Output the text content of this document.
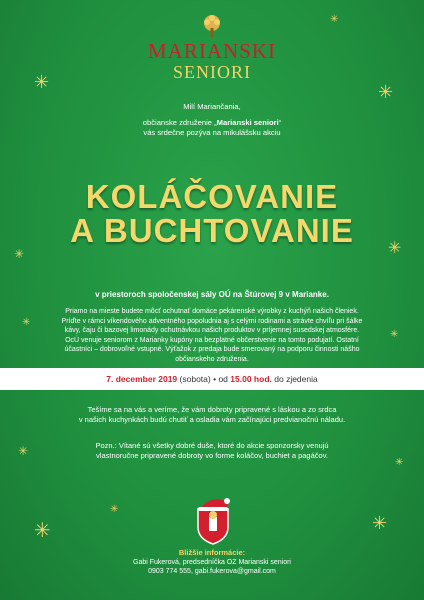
✳
✳
✳
✳	✳
✳
✳
✳
✳
✳	✳
✳
MARIANSKI
SENIORI

Milí Mariančania,

občianske združenie „Marianski seniori“

vás srdečne pozýva na mikulášsku akciu

KOLÁČOVANIE
A BUCHTOVANIE
v priestoroch spoločenskej sály OÚ na Štúrovej 9 v Marianke.
Priamo na mieste budete môcť ochutnať domáce pekárenské výrobky z kuchýň našich členiek. Príďte v rámci víkendového adventného popoludnia aj s celými rodinami a strávte chvíľu pri šálke kávy, čaju či bazovej limonády ochutnávkou našich produktov v príjemnej susedskej atmosfére. OcÚ venuje seniorom z Marianky kupóny na bezplatné občerstvenie na tomto podujatí. Ostatní účastníci – dobrovoľné vstupné. Výťažok z predaja bude smerovaný na podporu činnosti nášho občianskeho združenia.
7. december 2019 (sobota) • od 15.00 hod. do zjedenia
Tešíme sa na vás a veríme, že vám dobroty pripravené s láskou a zo srdca
v našich kuchynkách budú chutiť a osladia vám začínajúci predvianočnú náladu.
Pozn.: Vítané sú všetky dobré duše, ktoré do akcie sponzorsky venujú
vlastnoručne pripravené dobroty vo forme koláčov, buchiet a pagáčov.
Bližšie informácie:
Gabi Fukerová, predsedníčka OZ Marianski seniori
0903 774 555, gabi.fukerova@gmail.com
